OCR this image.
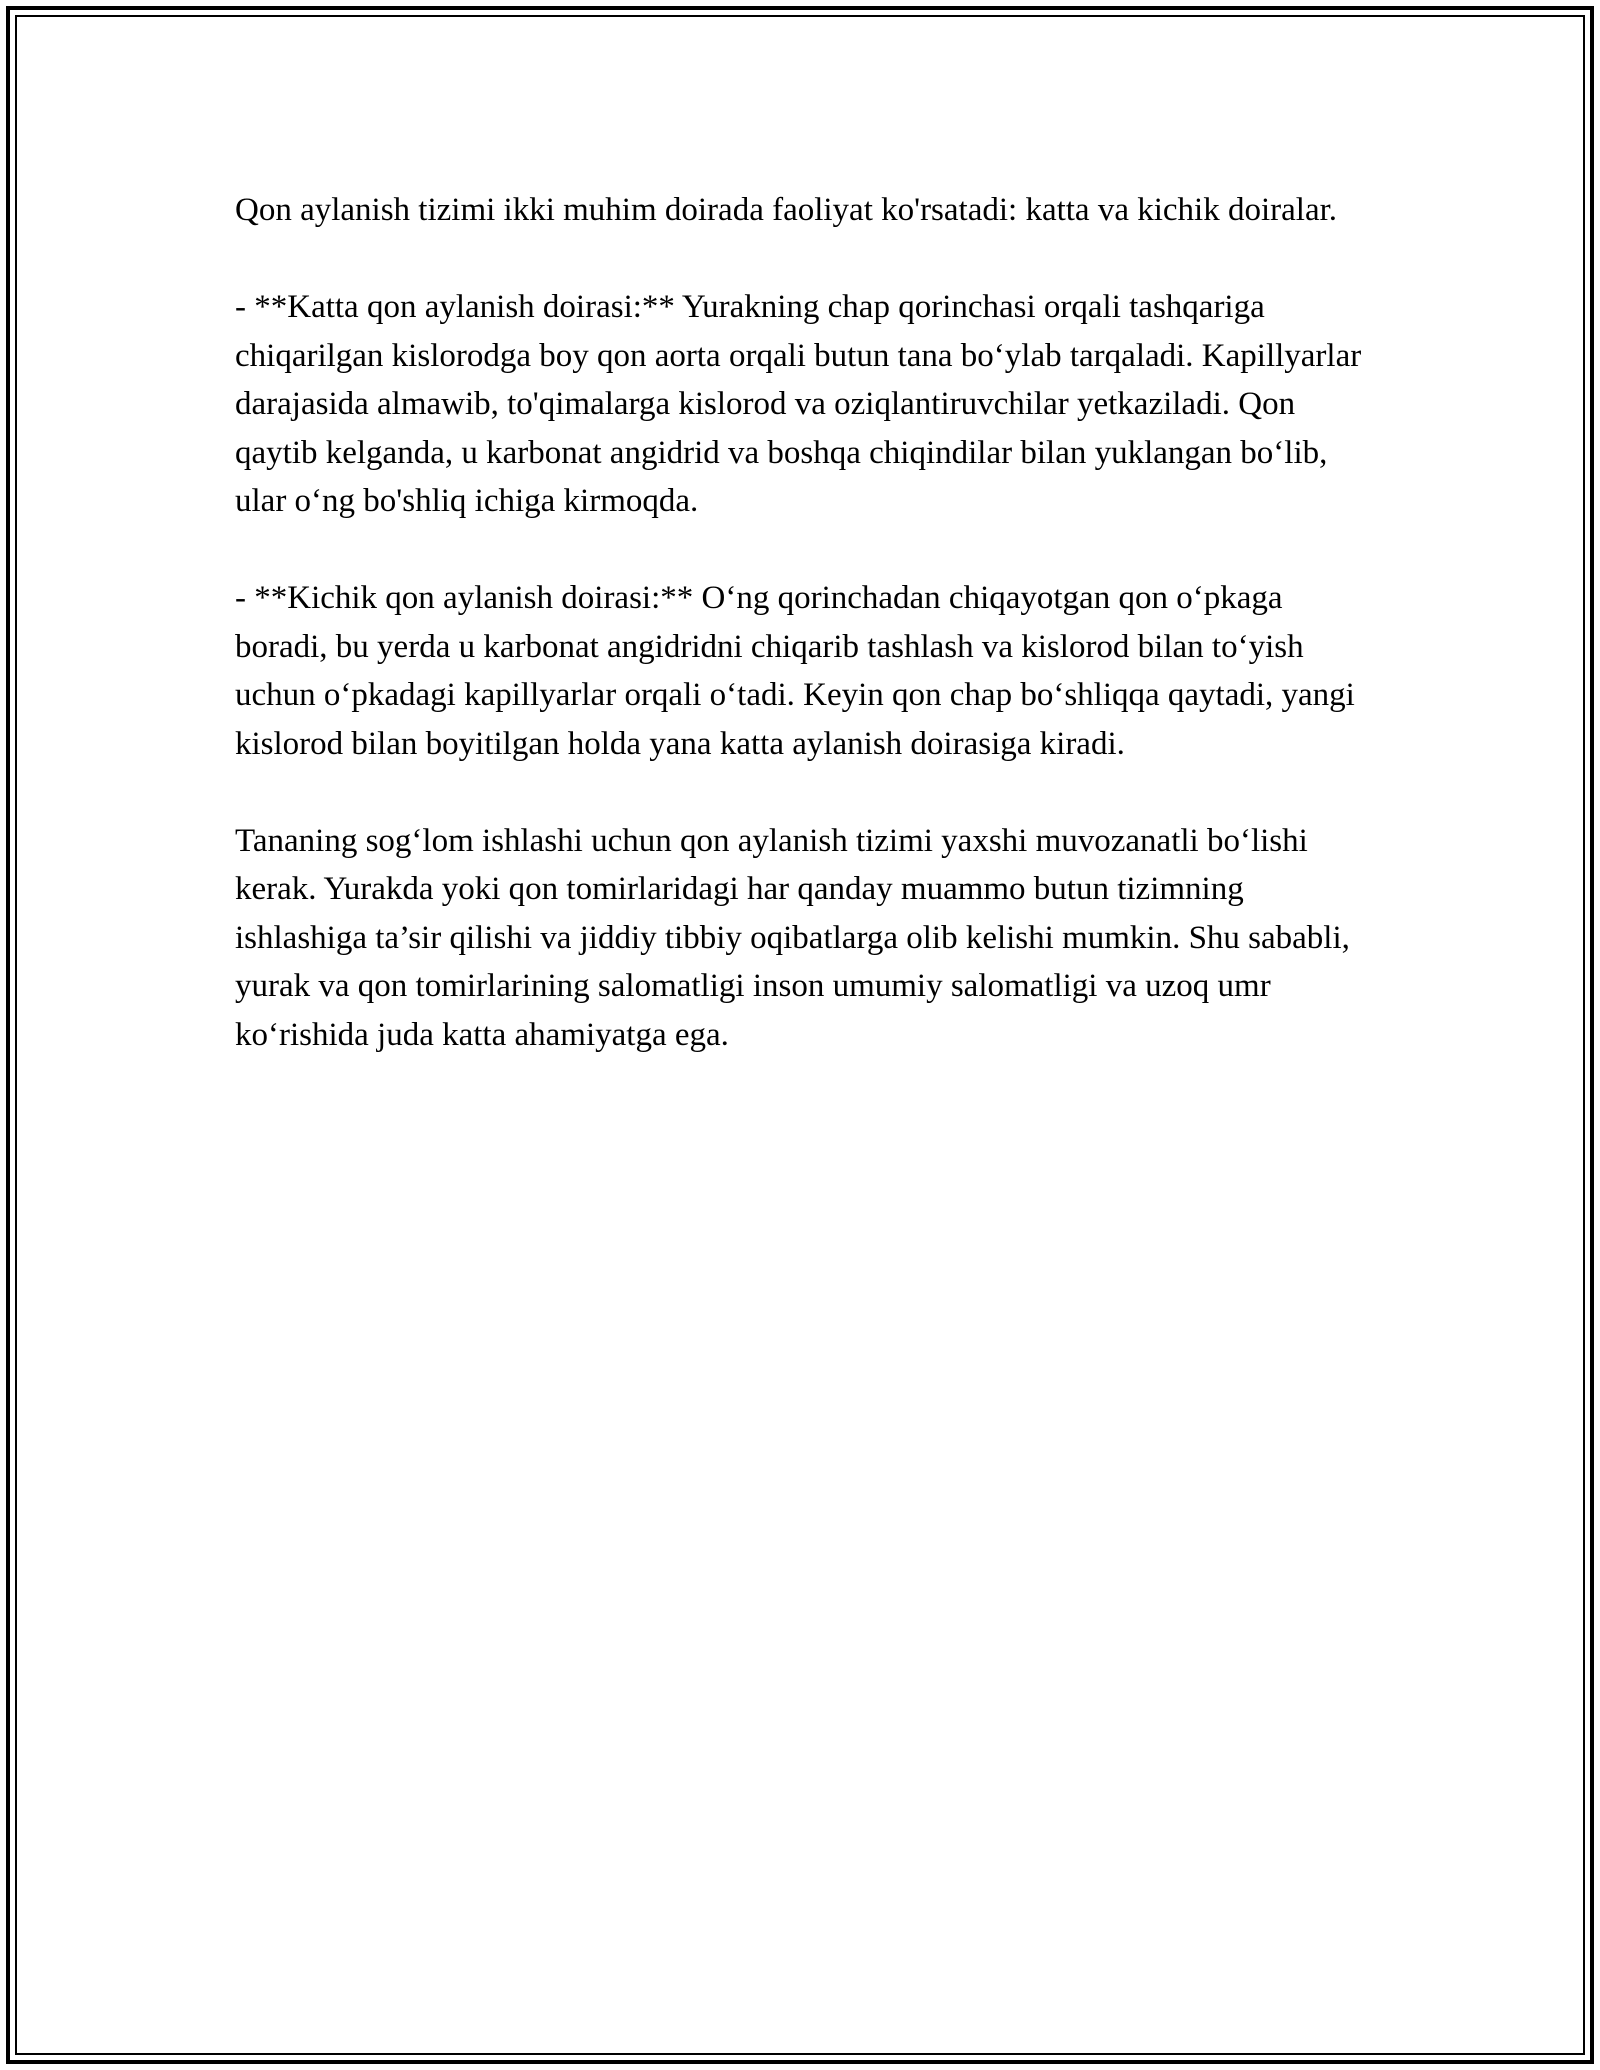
Qon aylanish tizimi ikki muhim doirada faoliyat ko'rsatadi: katta va kichik doiralar.

- **Katta qon aylanish doirasi:** Yurakning chap qorinchasi orqali tashqariga chiqarilgan kislorodga boy qon aorta orqali butun tana bo‘ylab tarqaladi. Kapillyarlar darajasida almawib, to'qimalarga kislorod va oziqlantiruvchilar yetkaziladi. Qon qaytib kelganda, u karbonat angidrid va boshqa chiqindilar bilan yuklangan bo‘lib, ular o‘ng bo'shliq ichiga kirmoqda.

- **Kichik qon aylanish doirasi:** O‘ng qorinchadan chiqayotgan qon o‘pkaga boradi, bu yerda u karbonat angidridni chiqarib tashlash va kislorod bilan to‘yish uchun o‘pkadagi kapillyarlar orqali o‘tadi. Keyin qon chap bo‘shliqqa qaytadi, yangi kislorod bilan boyitilgan holda yana katta aylanish doirasiga kiradi.

Tananing sog‘lom ishlashi uchun qon aylanish tizimi yaxshi muvozanatli bo‘lishi kerak. Yurakda yoki qon tomirlaridagi har qanday muammo butun tizimning ishlashiga ta’sir qilishi va jiddiy tibbiy oqibatlarga olib kelishi mumkin. Shu sababli, yurak va qon tomirlarining salomatligi inson umumiy salomatligi va uzoq umr ko‘rishida juda katta ahamiyatga ega.
